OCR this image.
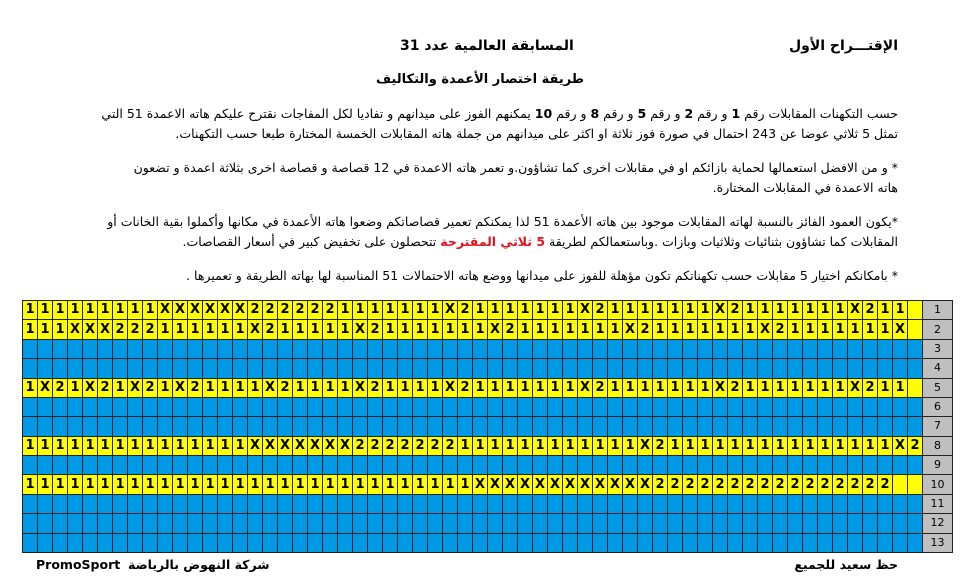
الإقتـــراح الأول
المسابقة العالمية عدد 31
طريقة اختصار الأعمدة والتكاليف
حسب التكهنات المقابلات رقم 1 و رقم 2 و رقم 5 و رقم 8 و رقم 10 يمكنهم الفوز على ميدانهم و تفاديا لكل المفاجات نقترح عليكم هاته الاعمدة 51 التي
تمثل 5 ثلاثي عوضا عن 243 احتمال في صورة فوز ثلاثة او اكثر على ميدانهم من جملة هاته المقابلات الخمسة المختارة طبعا حسب التكهنات.
* و من الافضل استعمالها لحماية بازائكم او في مقابلات اخرى كما تشاؤون.و تعمر هاته الاعمدة في 12 قصاصة و قصاصة اخرى بثلاثة اعمدة و تضعون
هاته الاعمدة في المقابلات المختارة.
*يكون العمود الفائز بالنسبة لهاته المقابلات موجود بين هاته الأعمدة 51 لذا يمكنكم تعمير قصاصاتكم وضعوا هاته الأعمدة في مكانها وأكملوا بقية الخانات أو
المقابلات كما تشاؤون بثنائيات وثلاثيات وبازات .وباستعمالكم لطريقة 5 ثلاثي المقترحة تتحصلون على تخفيض كبير في أسعار القصاصات.
* بامكانكم اختيار 5 مقابلات حسب تكهناتكم تكون مؤهلة للفوز على ميدانها ووضع هاته الاحتمالات 51 المناسبة لها بهاته الطريقة و تعميرها .
1	1	1	1	1	1	1	1	1	X	X	X	X	X	X	2	2	2	2	2	2	1	1	1	1	1	1	1	X	2	1	1	1	1	1	1	1	X	2	1	1	1	1	1	1	1	X	2	1	1	1	1	1	1	1	X	2	1	1		1
1	1	1	X	X	X	2	2	2	1	1	1	1	1	1	X	2	1	1	1	1	1	X	2	1	1	1	1	1	1	1	X	2	1	1	1	1	1	1	1	X	2	1	1	1	1	1	1	1	X	2	1	1	1	1	1	1	1	X		2
																																																												3
																																																												4
1	X	2	1	X	2	1	X	2	1	X	2	1	1	1	1	X	2	1	1	1	1	X	2	1	1	1	1	X	2	1	1	1	1	1	1	1	X	2	1	1	1	1	1	1	1	X	2	1	1	1	1	1	1	1	X	2	1	1		5
																																																												6
																																																												7
1	1	1	1	1	1	1	1	1	1	1	1	1	1	1	X	X	X	X	X	X	X	2	2	2	2	2	2	2	1	1	1	1	1	1	1	1	1	1	1	1	X	2	1	1	1	1	1	1	1	1	1	1	1	1	1	1	1	X	2	8
																																																												9
1	1	1	1	1	1	1	1	1	1	1	1	1	1	1	1	1	1	1	1	1	1	1	1	1	1	1	1	1	1	X	X	X	X	X	X	X	X	X	X	X	X	2	2	2	2	2	2	2	2	2	2	2	2	2	2	2	2			10
																																																												11
																																																												12
																																																												13
حظ سعيد للجميع
شركة النهوض بالرياضة
PromoSport
